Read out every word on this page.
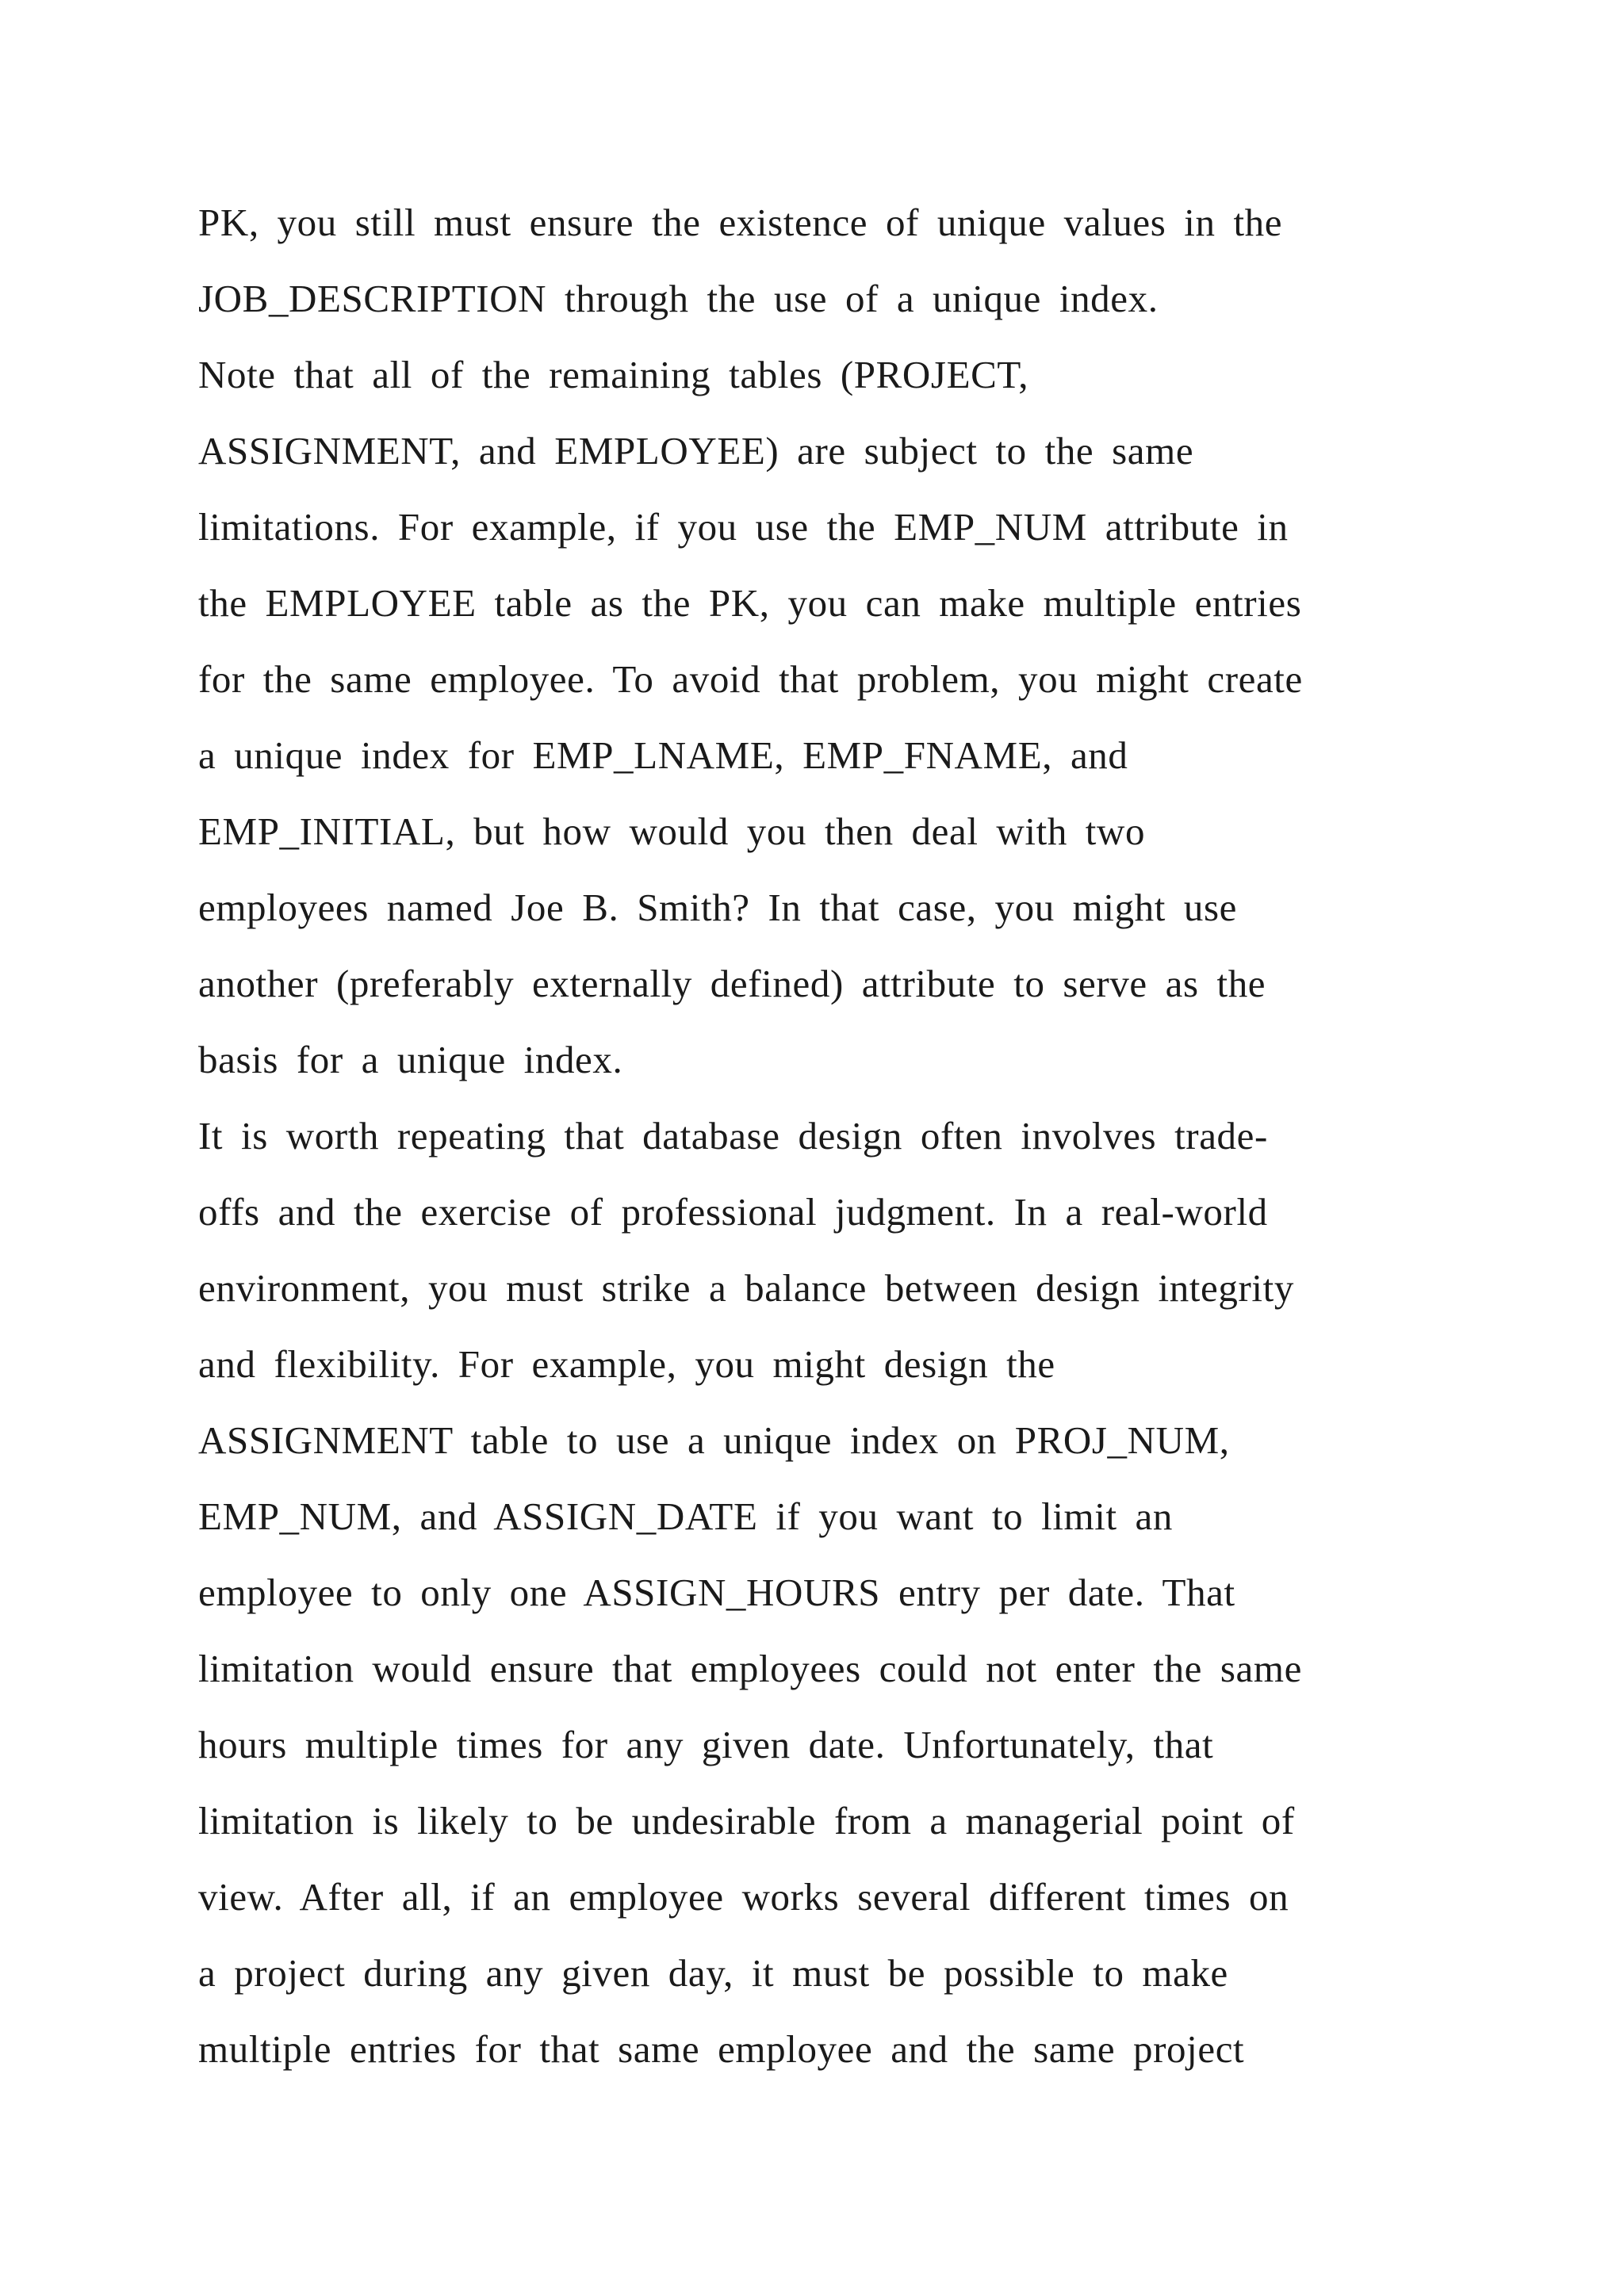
PK, you still must ensure the existence of unique values in the
JOB_DESCRIPTION through the use of a unique index.
Note that all of the remaining tables (PROJECT,
ASSIGNMENT, and EMPLOYEE) are subject to the same
limitations. For example, if you use the EMP_NUM attribute in
the EMPLOYEE table as the PK, you can make multiple entries
for the same employee. To avoid that problem, you might create
a unique index for EMP_LNAME, EMP_FNAME, and
EMP_INITIAL, but how would you then deal with two
employees named Joe B. Smith? In that case, you might use
another (preferably externally defined) attribute to serve as the
basis for a unique index.
It is worth repeating that database design often involves trade-
offs and the exercise of professional judgment. In a real-world
environment, you must strike a balance between design integrity
and flexibility. For example, you might design the
ASSIGNMENT table to use a unique index on PROJ_NUM,
EMP_NUM, and ASSIGN_DATE if you want to limit an
employee to only one ASSIGN_HOURS entry per date. That
limitation would ensure that employees could not enter the same
hours multiple times for any given date. Unfortunately, that
limitation is likely to be undesirable from a managerial point of
view. After all, if an employee works several different times on
a project during any given day, it must be possible to make
multiple entries for that same employee and the same project
